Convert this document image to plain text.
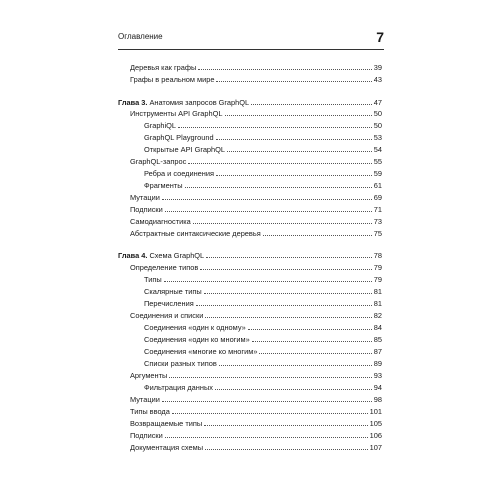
Оглавление	7
Деревья как графы	39
Графы в реальном мире	43
Глава 3. Анатомия запросов GraphQL	47
Инструменты API GraphQL	50
GraphiQL	50
GraphQL Playground	53
Открытые API GraphQL	54
GraphQL-запрос	55
Ребра и соединения	59
Фрагменты	61
Мутации	69
Подписки	71
Самодиагностика	73
Абстрактные синтаксические деревья	75
Глава 4. Схема GraphQL	78
Определение типов	79
Типы	79
Скалярные типы	81
Перечисления	81
Соединения и списки	82
Соединения «один к одному»	84
Соединения «один ко многим»	85
Соединения «многие ко многим»	87
Списки разных типов	89
Аргументы	93
Фильтрация данных	94
Мутации	98
Типы ввода	101
Возвращаемые типы	105
Подписки	106
Документация схемы	107
